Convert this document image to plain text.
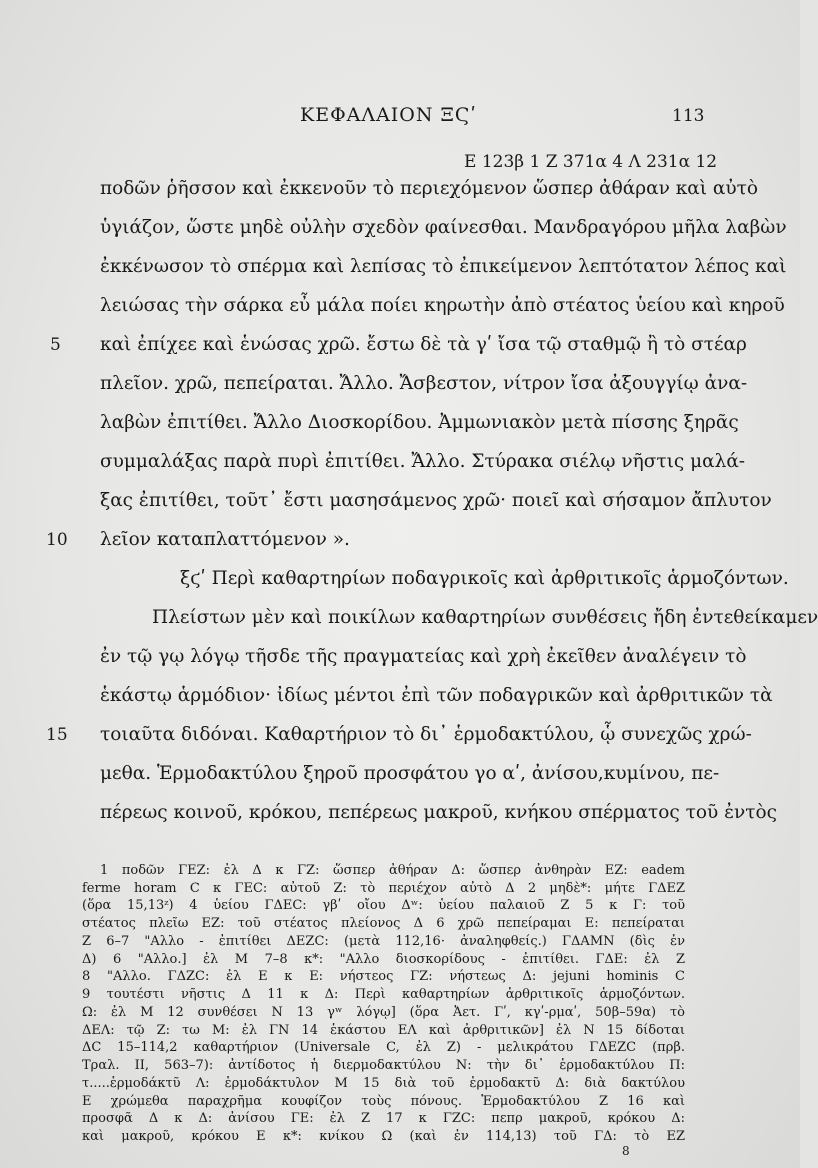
ΚΕΦΑΛΑΙΟΝ ΞϚʹ	113
E 123β 1 Z 371α 4 Λ 231α 12
ποδῶν ῥῆσσον καὶ ἐκκενοῦν τὸ περιεχόμενον ὥσπερ ἀθάραν καὶ αὐτὸ
ὑγιάζον, ὥστε μηδὲ οὐλὴν σχεδὸν φαίνεσθαι. Μανδραγόρου μῆλα λαβὼν
ἐκκένωσον τὸ σπέρμα καὶ λεπίσας τὸ ἐπικείμενον λεπτότατον λέπος καὶ
λειώσας τὴν σάρκα εὖ μάλα ποίει κηρωτὴν ἀπὸ στέατος ὑείου καὶ κηροῦ
καὶ ἐπίχεε καὶ ἑνώσας χρῶ. ἔστω δὲ τὰ γʹ ἴσα τῷ σταθμῷ ἢ τὸ στέαρ
πλεῖον. χρῶ, πεπείραται. Ἄλλο. Ἄσβεστον, νίτρον ἴσα ἀξουγγίῳ ἀνα-
λαβὼν ἐπιτίθει. Ἄλλο Διοσκορίδου. Ἀμμωνιακὸν μετὰ πίσσης ξηρᾶς
συμμαλάξας παρὰ πυρὶ ἐπιτίθει. Ἄλλο. Στύρακα σιέλῳ νῆστις μαλά-
ξας ἐπιτίθει, τοῦτ᾽ ἔστι μασησάμενος χρῶ· ποιεῖ καὶ σήσαμον ἄπλυτον
λεῖον καταπλαττόμενον ».
ξϛʹ Περὶ καθαρτηρίων ποδαγρικοῖς καὶ ἀρθριτικοῖς ἁρμοζόντων.
Πλείστων μὲν καὶ ποικίλων καθαρτηρίων συνθέσεις ἤδη ἐντεθείκαμεν
ἐν τῷ γῳ λόγῳ τῆσδε τῆς πραγματείας καὶ χρὴ ἐκεῖθεν ἀναλέγειν τὸ
ἑκάστῳ ἁρμόδιον· ἰδίως μέντοι ἐπὶ τῶν ποδαγρικῶν καὶ ἀρθριτικῶν τὰ
τοιαῦτα διδόναι. Καθαρτήριον τὸ δι᾽ ἑρμοδακτύλου, ᾧ συνεχῶς χρώ-
μεθα. Ἑρμοδακτύλου ξηροῦ προσφάτου γο αʹ, ἀνίσου,κυμίνου, πε-
πέρεως κοινοῦ, κρόκου, πεπέρεως μακροῦ, κνήκου σπέρματος τοῦ ἐντὸς
5
10
15
1 ποδῶν ΓΕΖ: ἐλ Δ κ ΓΖ: ὥσπερ ἀθήραν Δ: ὥσπερ ἀνθηρὰν ΕΖ: eadem
ferme horam C κ ΓΕC: αὐτοῦ Ζ: τὸ περιέχον αὐτὸ Δ 2 μηδὲ*: μήτε ΓΔΕΖ
(ὅρα 15,13ᶻ) 4 ὑείου ΓΔΕC: γβʹ οἴου Δʷ: ὑείου παλαιοῦ Ζ 5 κ Γ: τοῦ
στέατος πλεῖω ΕΖ: τοῦ στέατος πλείονος Δ 6 χρῶ πεπείραμαι Ε: πεπείραται
Ζ 6–7 "Αλλο - ἐπιτίθει ΔΕΖC: (μετὰ 112,16· ἀναληφθείς.) ΓΔΑΜΝ (δὶς ἐν
Δ) 6 "Αλλο.] ἐλ Μ 7–8 κ*: "Αλλο διοσκορίδους - ἐπιτίθει. ΓΔΕ: ἐλ Ζ
8 "Αλλο. ΓΔΖC: ἐλ Ε κ Ε: νήστεος ΓΖ: νήστεως Δ: jejuni hominis C
9 τουτέστι νῆστις Δ 11 κ Δ: Περὶ καθαρτηρίων ἀρθριτικοῖς ἁρμοζόντων.
Ω: ἐλ Μ 12 συνθέσει Ν 13 γʷ λόγῳ] (ὅρα Ἀετ. Γʹ, κγʹ-ρμαʹ, 50β–59α) τὸ
ΔΕΛ: τῷ Ζ: τω Μ: ἐλ ΓΝ 14 ἑκάστου ΕΛ καὶ ἀρθριτικῶν] ἐλ Ν 15 δίδοται
ΔC 15–114,2 καθαρτήριον (Universale C, ἐλ Ζ) - μελικράτου ΓΔΕΖC (πρβ.
Τραλ. ΙΙ, 563–7): ἀντίδοτος ἡ διερμοδακτύλου Ν: τὴν δι᾽ ἑρμοδακτύλου Π:
τ.....ἑρμοδάκτῦ Λ: ἑρμοδάκτυλον Μ 15 διὰ τοῦ ἑρμοδακτῦ Δ: διὰ δακτύλου
Ε χρώμεθα παραχρῆμα κουφίζον τοὺς πόνους. Ἑρμοδακτύλου Ζ 16 καὶ
προσφᾶ Δ κ Δ: ἀνίσου ΓΕ: ἐλ Ζ 17 κ ΓΖC: πεπρ μακροῦ, κρόκου Δ:
καὶ μακροῦ, κρόκου Ε κ*: κνίκου Ω (καὶ ἐν 114,13) τοῦ ΓΔ: τὸ ΕΖ
8
